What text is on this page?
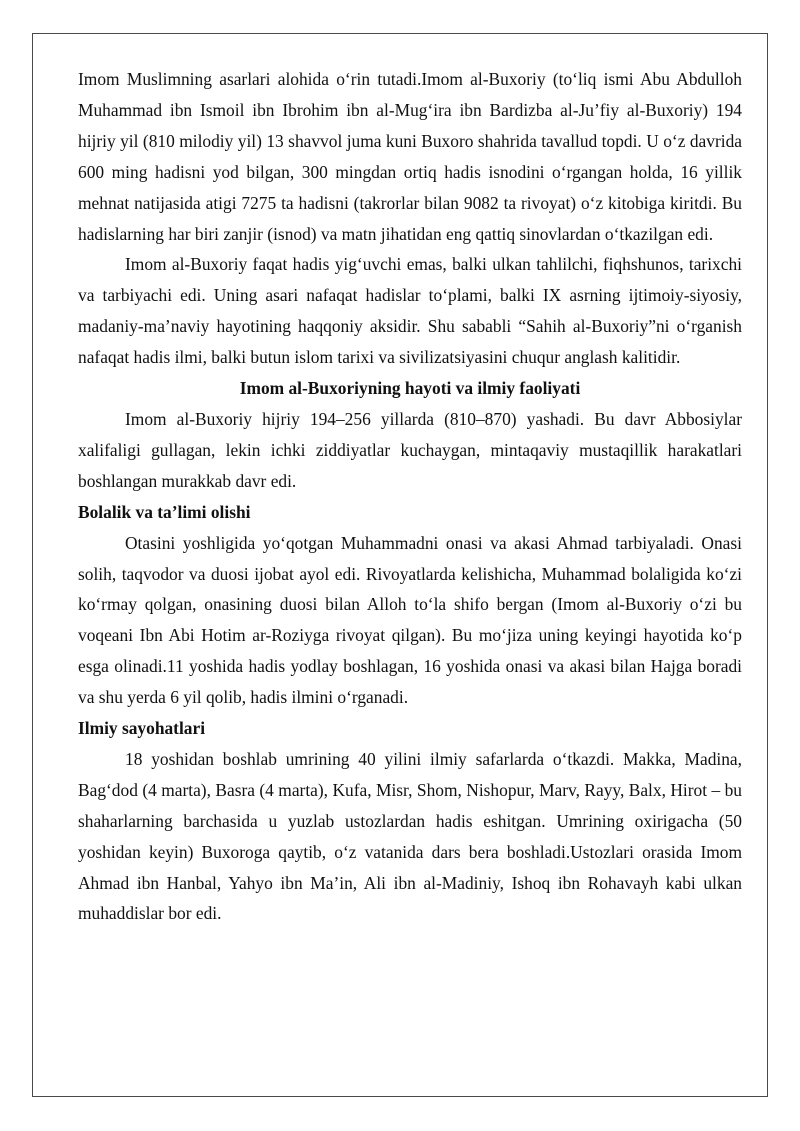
Imom Muslimning asarlari alohida o‘rin tutadi.Imom al-Buxoriy (to‘liq ismi Abu Abdulloh Muhammad ibn Ismoil ibn Ibrohim ibn al-Mug‘ira ibn Bardizba al-Ju’fiy al-Buxoriy) 194 hijriy yil (810 milodiy yil) 13 shavvol juma kuni Buxoro shahrida tavallud topdi. U o‘z davrida 600 ming hadisni yod bilgan, 300 mingdan ortiq hadis isnodini o‘rgangan holda, 16 yillik mehnat natijasida atigi 7275 ta hadisni (takrorlar bilan 9082 ta rivoyat) o‘z kitobiga kiritdi. Bu hadislarning har biri zanjir (isnod) va matn jihatidan eng qattiq sinovlardan o‘tkazilgan edi.

Imom al-Buxoriy faqat hadis yig‘uvchi emas, balki ulkan tahlilchi, fiqhshunos, tarixchi va tarbiyachi edi. Uning asari nafaqat hadislar to‘plami, balki IX asrning ijtimoiy-siyosiy, madaniy-ma’naviy hayotining haqqoniy aksidir. Shu sababli “Sahih al-Buxoriy”ni o‘rganish nafaqat hadis ilmi, balki butun islom tarixi va sivilizatsiyasini chuqur anglash kalitidir.

Imom al-Buxoriyning hayoti va ilmiy faoliyati

Imom al-Buxoriy hijriy 194–256 yillarda (810–870) yashadi. Bu davr Abbosiylar xalifaligi gullagan, lekin ichki ziddiyatlar kuchaygan, mintaqaviy mustaqillik harakatlari boshlangan murakkab davr edi.

Bolalik va ta’limi olishi

Otasini yoshligida yo‘qotgan Muhammadni onasi va akasi Ahmad tarbiyaladi. Onasi solih, taqvodor va duosi ijobat ayol edi. Rivoyatlarda kelishicha, Muhammad bolaligida ko‘zi ko‘rmay qolgan, onasining duosi bilan Alloh to‘la shifo bergan (Imom al-Buxoriy o‘zi bu voqeani Ibn Abi Hotim ar-Roziyga rivoyat qilgan). Bu mo‘jiza uning keyingi hayotida ko‘p esga olinadi.11 yoshida hadis yodlay boshlagan, 16 yoshida onasi va akasi bilan Hajga boradi va shu yerda 6 yil qolib, hadis ilmini o‘rganadi.

Ilmiy sayohatlari

18 yoshidan boshlab umrining 40 yilini ilmiy safarlarda o‘tkazdi. Makka, Madina, Bag‘dod (4 marta), Basra (4 marta), Kufa, Misr, Shom, Nishopur, Marv, Rayy, Balx, Hirot – bu shaharlarning barchasida u yuzlab ustozlardan hadis eshitgan. Umrining oxirigacha (50 yoshidan keyin) Buxoroga qaytib, o‘z vatanida dars bera boshladi.Ustozlari orasida Imom Ahmad ibn Hanbal, Yahyo ibn Ma’in, Ali ibn al-Madiniy, Ishoq ibn Rohavayh kabi ulkan muhaddislar bor edi.
